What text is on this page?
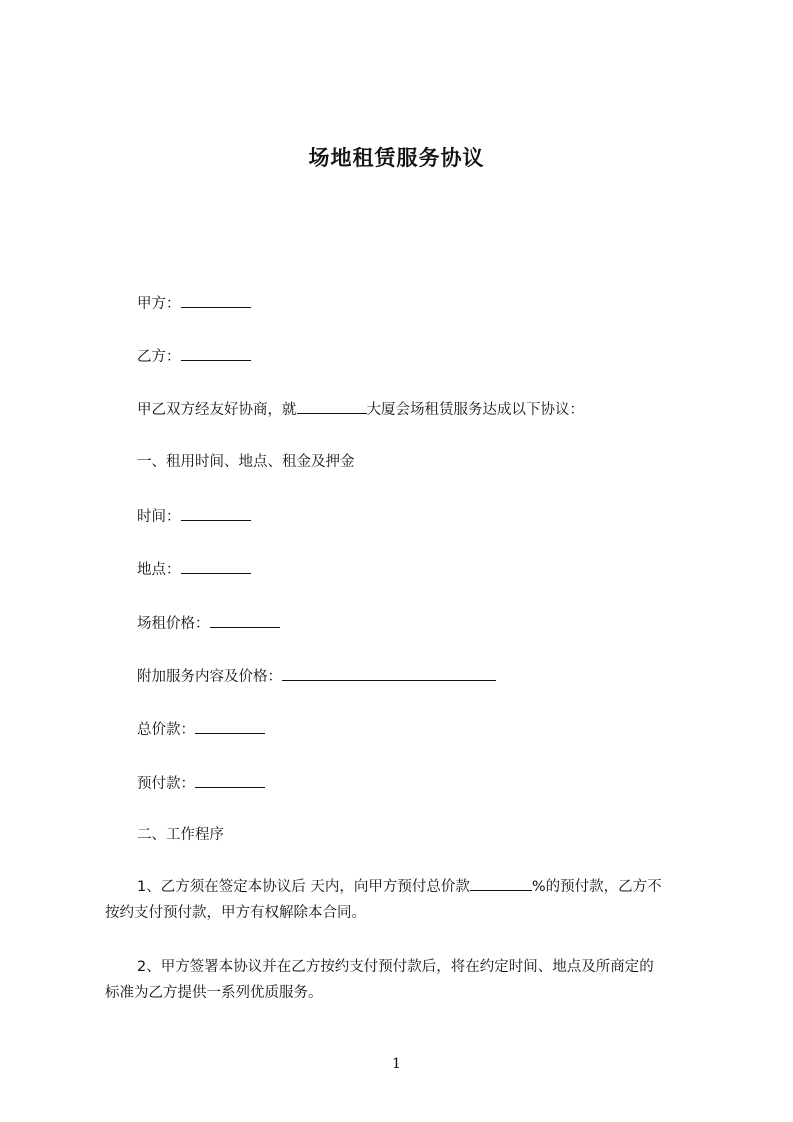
场地租赁服务协议
甲方：
乙方：
甲乙双方经友好协商，就	大厦会场租赁服务达成以下协议：
一、租用时间、地点、租金及押金
时间：
地点：
场租价格：
附加服务内容及价格：
总价款：
预付款：
二、工作程序
1、乙方须在签定本协议后 天内，向甲方预付总价款	%的预付款，乙方不
按约支付预付款，甲方有权解除本合同。
2、甲方签署本协议并在乙方按约支付预付款后，将在约定时间、地点及所商定的
标准为乙方提供一系列优质服务。
1
